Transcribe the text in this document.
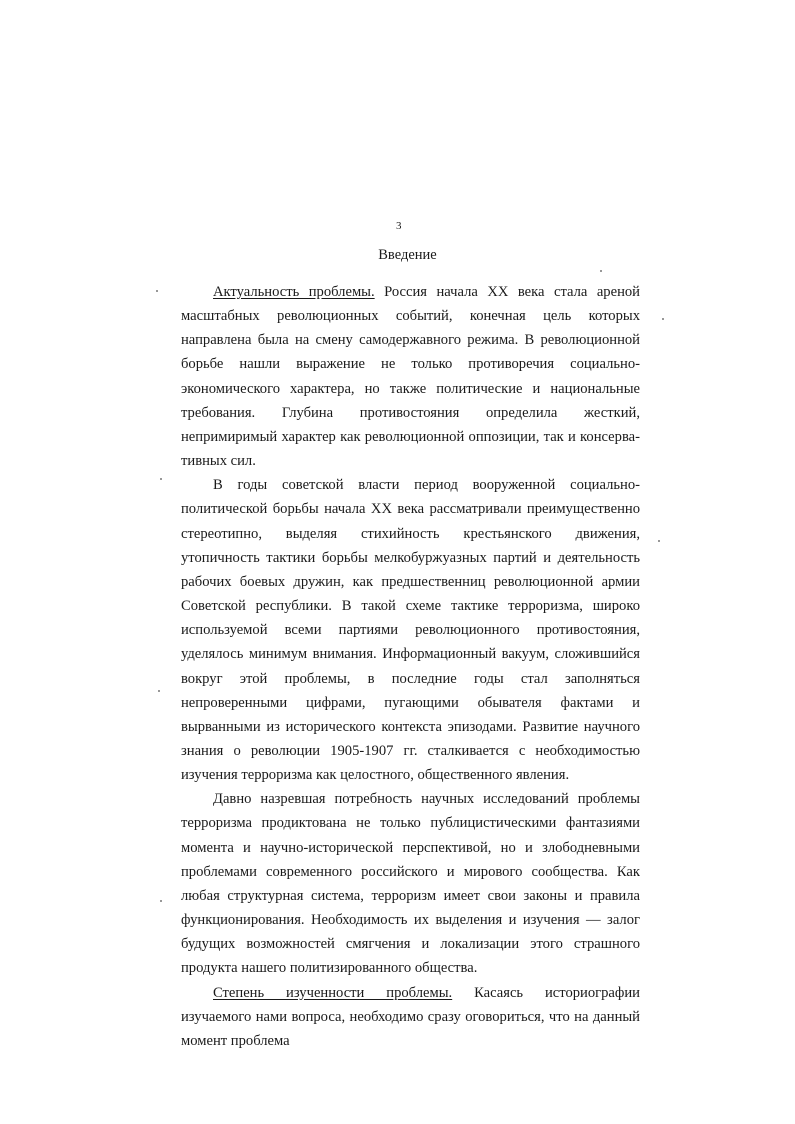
3
Введение

Актуальность проблемы. Россия начала XX века стала ареной масштабных революционных событий, конечная цель которых направлена была на смену самодержавного режима. В революционной борьбе нашли выражение не только противоречия социально-экономического характера, но также политические и национальные требования. Глубина противостояния определила жесткий, непримиримый характер как революционной оппозиции, так и консервативных сил.

В годы советской власти период вооруженной социально-политической борьбы начала XX века рассматривали преимущественно стереотипно, выделяя стихийность крестьянского движения, утопичность тактики борьбы мелкобуржуазных партий и деятельность рабочих боевых дружин, как предшественниц революционной армии Советской республики. В такой схеме тактике терроризма, широко используемой всеми партиями революционного противостояния, уделялось минимум внимания. Информационный вакуум, сложившийся вокруг этой проблемы, в последние годы стал заполняться непроверенными цифрами, пугающими обывателя фактами и вырванными из исторического контекста эпизодами. Развитие научного знания о революции 1905-1907 гг. сталкивается с необходимостью изучения терроризма как целостного, общественного явления.

Давно назревшая потребность научных исследований проблемы терроризма продиктована не только публицистическими фантазиями момента и научно-исторической перспективой, но и злободневными проблемами современного российского и мирового сообщества. Как любая структурная система, терроризм имеет свои законы и правила функционирования. Необходимость их выделения и изучения — залог будущих возможностей смягчения и локализации этого страшного продукта нашего политизированного общества.

Степень изученности проблемы. Касаясь историографии изучаемого нами вопроса, необходимо сразу оговориться, что на данный момент проблема
